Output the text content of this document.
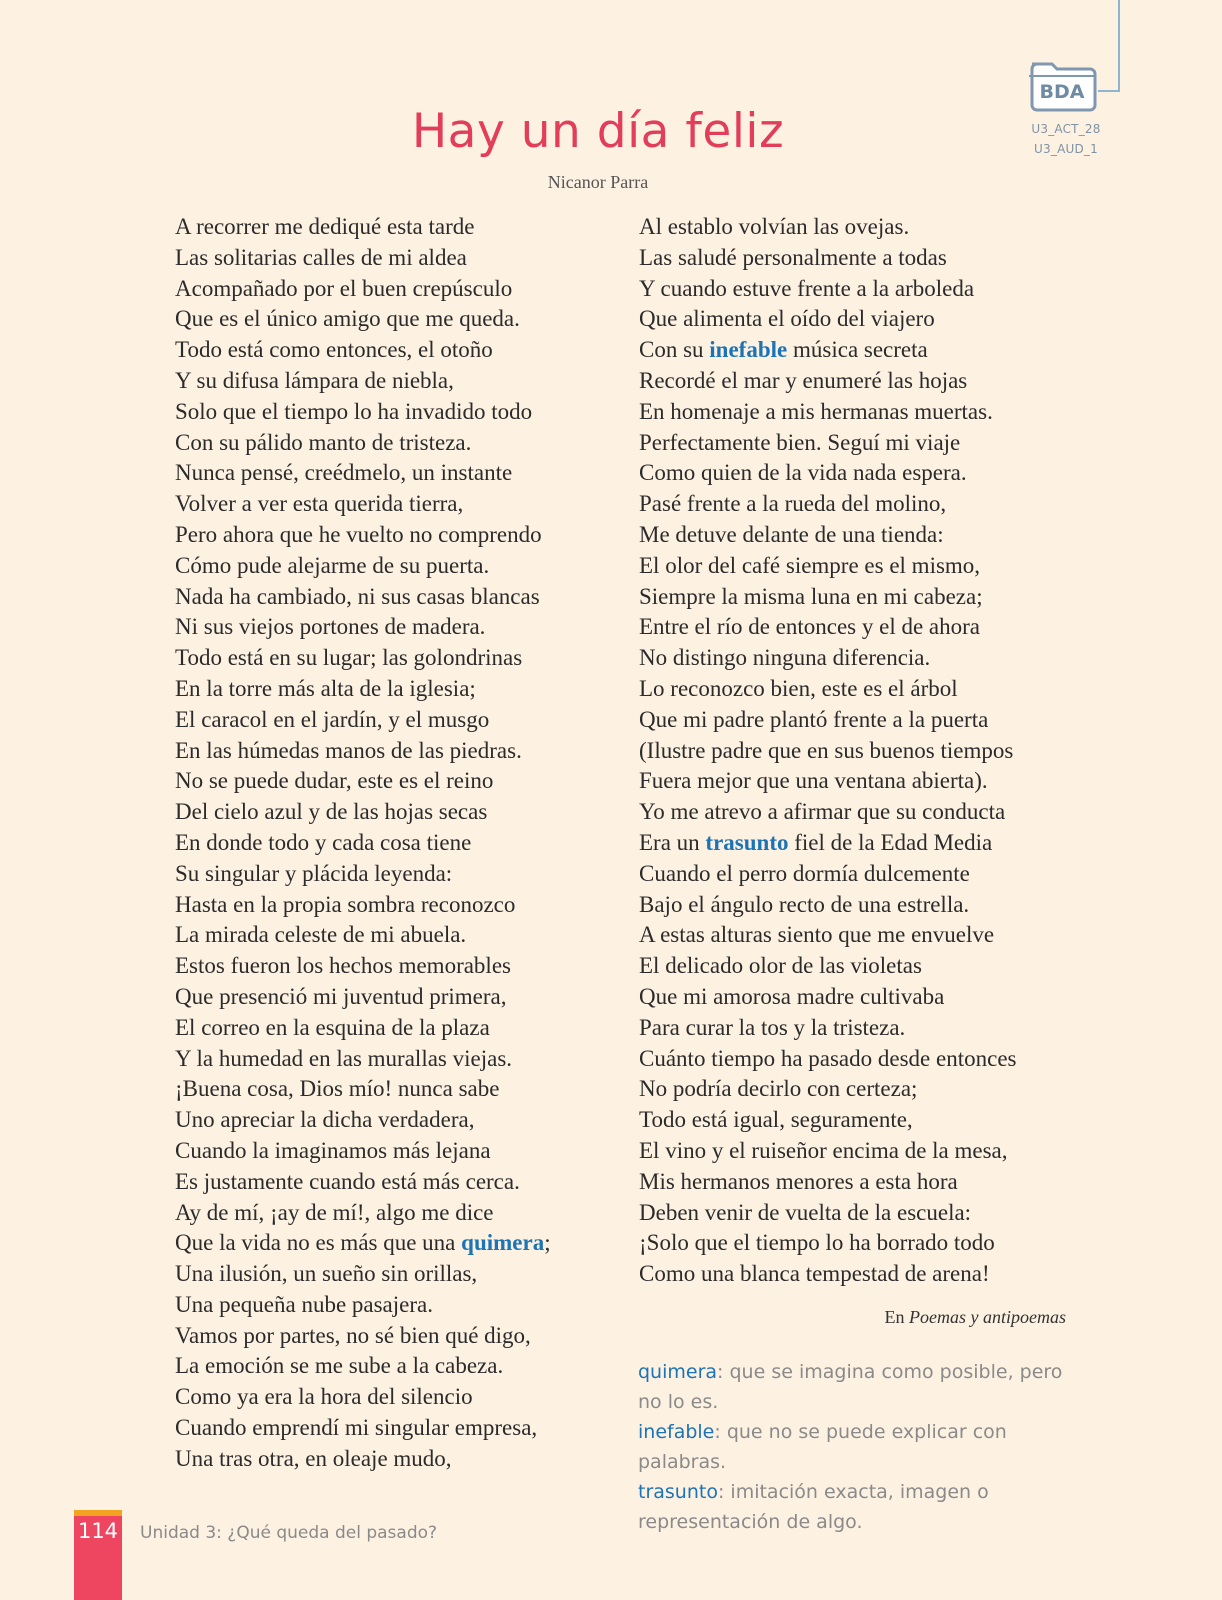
BDA
U3_ACT_28
U3_AUD_1
Hay un día feliz
Nicanor Parra
A recorrer me dediqué esta tarde
Las solitarias calles de mi aldea
Acompañado por el buen crepúsculo
Que es el único amigo que me queda.
Todo está como entonces, el otoño
Y su difusa lámpara de niebla,
Solo que el tiempo lo ha invadido todo
Con su pálido manto de tristeza.
Nunca pensé, creédmelo, un instante
Volver a ver esta querida tierra,
Pero ahora que he vuelto no comprendo
Cómo pude alejarme de su puerta.
Nada ha cambiado, ni sus casas blancas
Ni sus viejos portones de madera.
Todo está en su lugar; las golondrinas
En la torre más alta de la iglesia;
El caracol en el jardín, y el musgo
En las húmedas manos de las piedras.
No se puede dudar, este es el reino
Del cielo azul y de las hojas secas
En donde todo y cada cosa tiene
Su singular y plácida leyenda:
Hasta en la propia sombra reconozco
La mirada celeste de mi abuela.
Estos fueron los hechos memorables
Que presenció mi juventud primera,
El correo en la esquina de la plaza
Y la humedad en las murallas viejas.
¡Buena cosa, Dios mío! nunca sabe
Uno apreciar la dicha verdadera,
Cuando la imaginamos más lejana
Es justamente cuando está más cerca.
Ay de mí, ¡ay de mí!, algo me dice
Que la vida no es más que una quimera;
Una ilusión, un sueño sin orillas,
Una pequeña nube pasajera.
Vamos por partes, no sé bien qué digo,
La emoción se me sube a la cabeza.
Como ya era la hora del silencio
Cuando emprendí mi singular empresa,
Una tras otra, en oleaje mudo,
Al establo volvían las ovejas.
Las saludé personalmente a todas
Y cuando estuve frente a la arboleda
Que alimenta el oído del viajero
Con su inefable música secreta
Recordé el mar y enumeré las hojas
En homenaje a mis hermanas muertas.
Perfectamente bien. Seguí mi viaje
Como quien de la vida nada espera.
Pasé frente a la rueda del molino,
Me detuve delante de una tienda:
El olor del café siempre es el mismo,
Siempre la misma luna en mi cabeza;
Entre el río de entonces y el de ahora
No distingo ninguna diferencia.
Lo reconozco bien, este es el árbol
Que mi padre plantó frente a la puerta
(Ilustre padre que en sus buenos tiempos
Fuera mejor que una ventana abierta).
Yo me atrevo a afirmar que su conducta
Era un trasunto fiel de la Edad Media
Cuando el perro dormía dulcemente
Bajo el ángulo recto de una estrella.
A estas alturas siento que me envuelve
El delicado olor de las violetas
Que mi amorosa madre cultivaba
Para curar la tos y la tristeza.
Cuánto tiempo ha pasado desde entonces
No podría decirlo con certeza;
Todo está igual, seguramente,
El vino y el ruiseñor encima de la mesa,
Mis hermanos menores a esta hora
Deben venir de vuelta de la escuela:
¡Solo que el tiempo lo ha borrado todo
Como una blanca tempestad de arena!
En Poemas y antipoemas

quimera: que se imagina como posible, pero no lo es.

inefable: que no se puede explicar con palabras.

trasunto: imitación exacta, imagen o representación de algo.

114 Unidad 3: ¿Qué queda del pasado?
